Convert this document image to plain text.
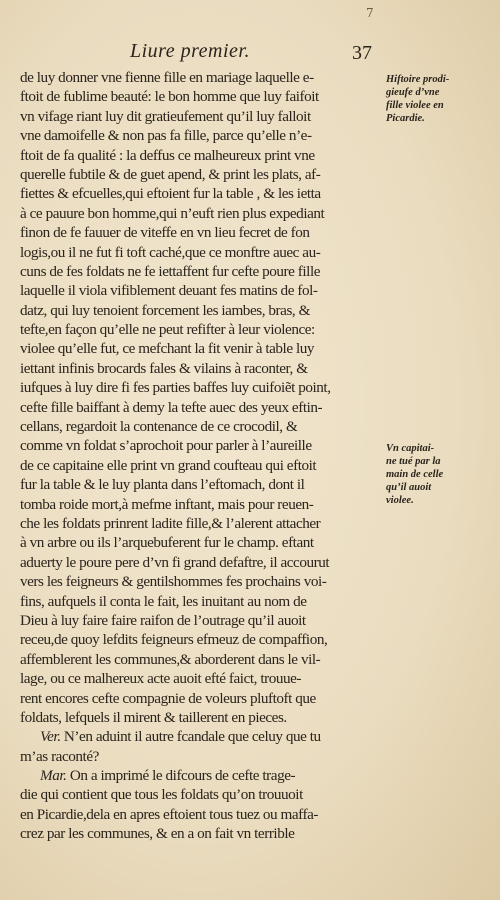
7
Liure premier.	37
de luy donner vne fienne fille en mariage laquelle e-
ftoit de fublime beauté: le bon homme que luy faifoit
vn vifage riant luy dit gratieufement qu’il luy falloit
vne damoifelle & non pas fa fille, parce qu’elle n’e-
ftoit de fa qualité : la deffus ce malheureux print vne
querelle fubtile & de guet apend, & print les plats, af-
fiettes & efcuelles,qui eftoient fur la table , & les ietta
à ce pauure bon homme,qui n’euft rien plus expediant
finon de fe fauuer de viteffe en vn lieu fecret de fon
logis,ou il ne fut fi toft caché,que ce monftre auec au-
cuns de fes foldats ne fe iettaffent fur cefte poure fille
laquelle il viola vifiblement deuant fes matins de fol-
datz, qui luy tenoient forcement les iambes, bras, &
tefte,en façon qu’elle ne peut refifter à leur violence:
violee qu’elle fut, ce mefchant la fit venir à table luy
iettant infinis brocards fales & vilains à raconter, &
iufques à luy dire fi fes parties baffes luy cuifoiẽt point,
cefte fille baiffant à demy la tefte auec des yeux eftin-
cellans, regardoit la contenance de ce crocodil, &
comme vn foldat s’aprochoit pour parler à l’aureille
de ce capitaine elle print vn grand coufteau qui eftoit
fur la table & le luy planta dans l’eftomach, dont il
tomba roide mort,à mefme inftant, mais pour reuen-
che les foldats prinrent ladite fille,& l’alerent attacher
à vn arbre ou ils l’arquebuferent fur le champ. eftant
aduerty le poure pere d’vn fi grand defaftre, il accourut
vers les feigneurs & gentilshommes fes prochains voi-
fins, aufquels il conta le fait, les inuitant au nom de
Dieu à luy faire faire raifon de l’outrage qu’il auoit
receu,de quoy lefdits feigneurs efmeuz de compaffion,
affemblerent les communes,& aborderent dans le vil-
lage, ou ce malhereux acte auoit efté faict, trouue-
rent encores cefte compagnie de voleurs pluftoft que
foldats, lefquels il mirent & taillerent en pieces.
Ver. N’en aduint il autre fcandale que celuy que tu
m’as raconté?
Mar. On a imprimé le difcours de cefte trage-
die qui contient que tous les foldats qu’on trouuoit
en Picardie,dela en apres eftoient tous tuez ou maffa-
crez par les communes, & en a on fait vn terrible
Hiftoire prodi-
gieufe d’vne
fille violee en
Picardie.
Vn capitai-
ne tué par la
main de celle
qu’il auoit
violee.
